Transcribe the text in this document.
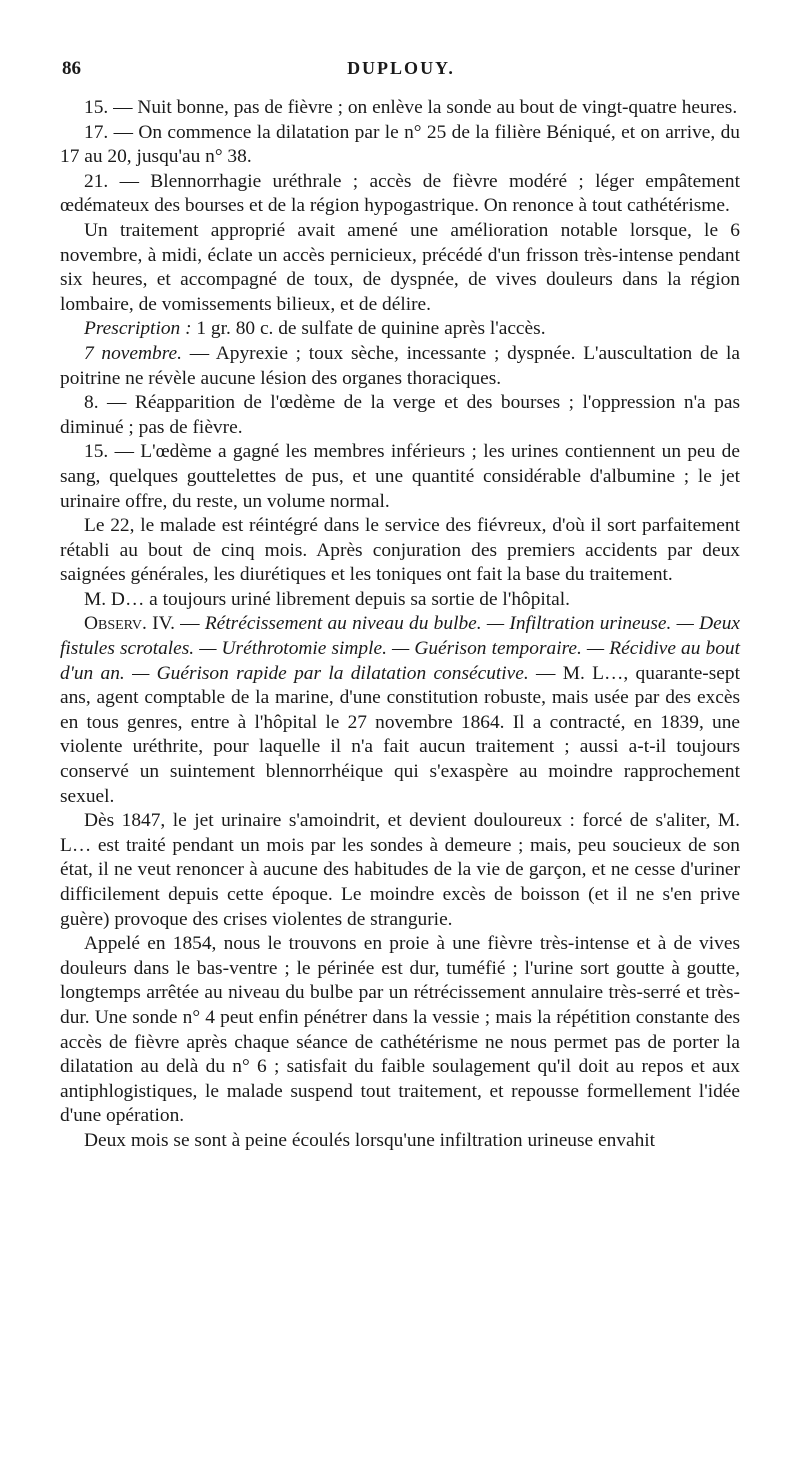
86	DUPLOUY.

15. — Nuit bonne, pas de fièvre ; on enlève la sonde au bout de vingt-quatre heures.

17. — On commence la dilatation par le n° 25 de la filière Béniqué, et on arrive, du 17 au 20, jusqu'au n° 38.

21. — Blennorrhagie uréthrale ; accès de fièvre modéré ; léger empâtement œdémateux des bourses et de la région hypogastrique. On renonce à tout cathétérisme.

Un traitement approprié avait amené une amélioration notable lorsque, le 6 novembre, à midi, éclate un accès pernicieux, précédé d'un frisson très-intense pendant six heures, et accompagné de toux, de dyspnée, de vives douleurs dans la région lombaire, de vomissements bilieux, et de délire.

Prescription : 1 gr. 80 c. de sulfate de quinine après l'accès.

7 novembre. — Apyrexie ; toux sèche, incessante ; dyspnée. L'auscultation de la poitrine ne révèle aucune lésion des organes thoraciques.

8. — Réapparition de l'œdème de la verge et des bourses ; l'oppression n'a pas diminué ; pas de fièvre.

15. — L'œdème a gagné les membres inférieurs ; les urines contiennent un peu de sang, quelques gouttelettes de pus, et une quantité considérable d'albumine ; le jet urinaire offre, du reste, un volume normal.

Le 22, le malade est réintégré dans le service des fiévreux, d'où il sort parfaitement rétabli au bout de cinq mois. Après conjuration des premiers accidents par deux saignées générales, les diurétiques et les toniques ont fait la base du traitement.

M. D… a toujours uriné librement depuis sa sortie de l'hôpital.

Observ. IV. — Rétrécissement au niveau du bulbe. — Infiltration urineuse. — Deux fistules scrotales. — Uréthrotomie simple. — Guérison temporaire. — Récidive au bout d'un an. — Guérison rapide par la dilatation consécutive. — M. L…, quarante-sept ans, agent comptable de la marine, d'une constitution robuste, mais usée par des excès en tous genres, entre à l'hôpital le 27 novembre 1864. Il a contracté, en 1839, une violente uréthrite, pour laquelle il n'a fait aucun traitement ; aussi a-t-il toujours conservé un suintement blennorrhéique qui s'exaspère au moindre rapprochement sexuel.

Dès 1847, le jet urinaire s'amoindrit, et devient douloureux : forcé de s'aliter, M. L… est traité pendant un mois par les sondes à demeure ; mais, peu soucieux de son état, il ne veut renoncer à aucune des habitudes de la vie de garçon, et ne cesse d'uriner difficilement depuis cette époque. Le moindre excès de boisson (et il ne s'en prive guère) provoque des crises violentes de strangurie.

Appelé en 1854, nous le trouvons en proie à une fièvre très-intense et à de vives douleurs dans le bas-ventre ; le périnée est dur, tuméfié ; l'urine sort goutte à goutte, longtemps arrêtée au niveau du bulbe par un rétrécissement annulaire très-serré et très-dur. Une sonde n° 4 peut enfin pénétrer dans la vessie ; mais la répétition constante des accès de fièvre après chaque séance de cathétérisme ne nous permet pas de porter la dilatation au delà du n° 6 ; satisfait du faible soulagement qu'il doit au repos et aux antiphlogistiques, le malade suspend tout traitement, et repousse formellement l'idée d'une opération.

Deux mois se sont à peine écoulés lorsqu'une infiltration urineuse envahit
